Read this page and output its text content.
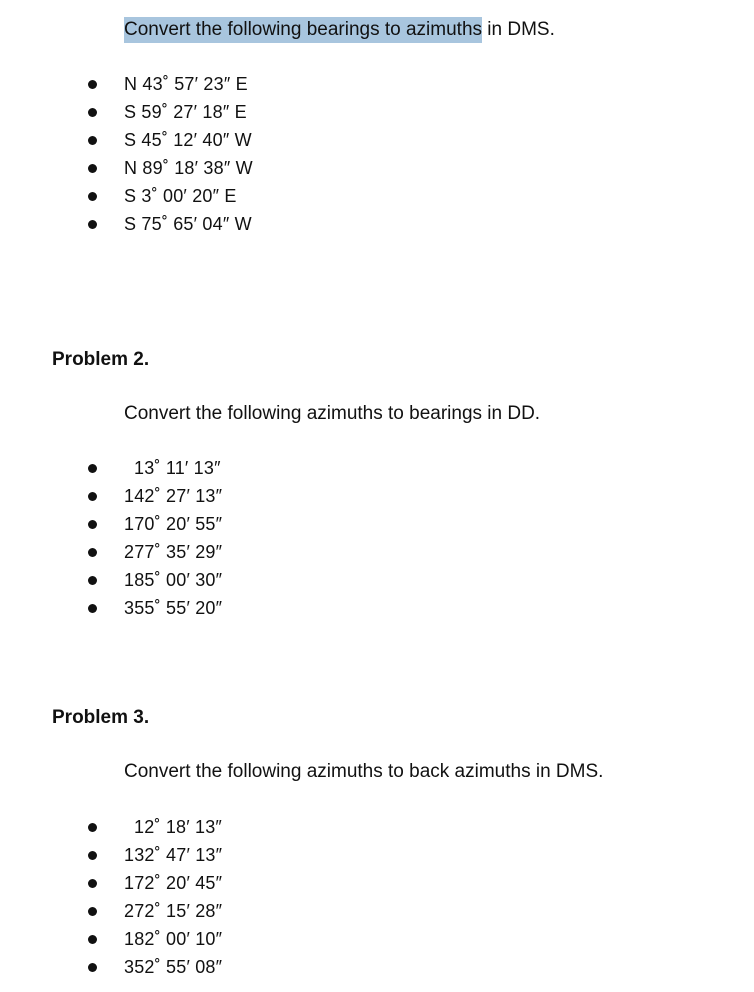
Convert the following bearings to azimuths in DMS.
N 43˚ 57′ 23″ E
S 59˚ 27′ 18″ E
S 45˚ 12′ 40″ W
N 89˚ 18′ 38″ W
S 3˚ 00′ 20″ E
S 75˚ 65′ 04″ W
Problem 2.
Convert the following azimuths to bearings in DD.
13˚ 11′ 13″
142˚ 27′ 13″
170˚ 20′ 55″
277˚ 35′ 29″
185˚ 00′ 30″
355˚ 55′ 20″
Problem 3.
Convert the following azimuths to back azimuths in DMS.
12˚ 18′ 13″
132˚ 47′ 13″
172˚ 20′ 45″
272˚ 15′ 28″
182˚ 00′ 10″
352˚ 55′ 08″
